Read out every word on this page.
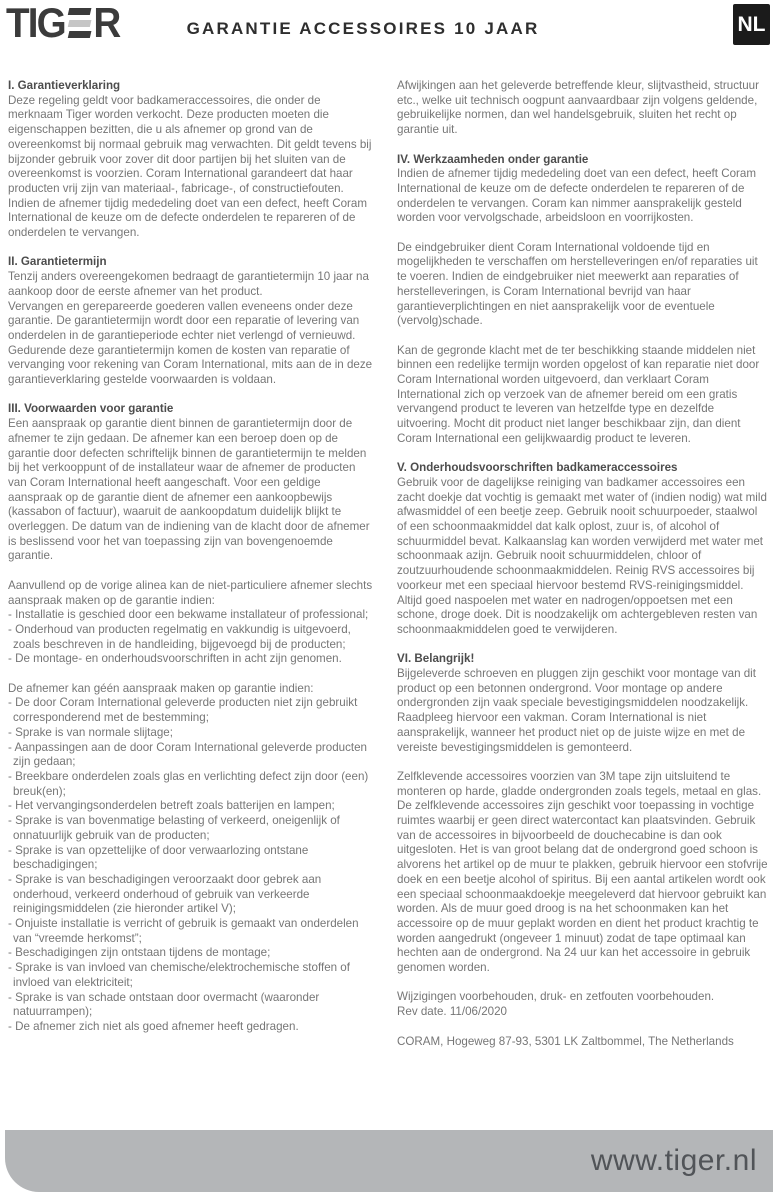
TIG R	GARANTIE ACCESSOIRES 10 JAAR	NL
I. Garantieverklaring
Deze regeling geldt voor badkameraccessoires, die onder de merknaam Tiger worden verkocht. Deze producten moeten die eigenschappen bezitten, die u als afnemer op grond van de overeenkomst bij normaal gebruik mag verwachten. Dit geldt tevens bij bijzonder gebruik voor zover dit door partijen bij het sluiten van de overeenkomst is voorzien. Coram International garandeert dat haar producten vrij zijn van materiaal-, fabricage-, of constructiefouten. Indien de afnemer tijdig mededeling doet van een defect, heeft Coram International de keuze om de defecte onderdelen te repareren of de onderdelen te vervangen.
II. Garantietermijn
Tenzij anders overeengekomen bedraagt de garantietermijn 10 jaar na aankoop door de eerste afnemer van het product.
Vervangen en gerepareerde goederen vallen eveneens onder deze garantie. De garantietermijn wordt door een reparatie of levering van onderdelen in de garantieperiode echter niet verlengd of vernieuwd.
Gedurende deze garantietermijn komen de kosten van reparatie of vervanging voor rekening van Coram International, mits aan de in deze garantieverklaring gestelde voorwaarden is voldaan.
III. Voorwaarden voor garantie
Een aanspraak op garantie dient binnen de garantietermijn door de afnemer te zijn gedaan. De afnemer kan een beroep doen op de garantie door defecten schriftelijk binnen de garantietermijn te melden bij het verkooppunt of de installateur waar de afnemer de producten van Coram International heeft aangeschaft. Voor een geldige aanspraak op de garantie dient de afnemer een aankoopbewijs (kassabon of factuur), waaruit de aankoopdatum duidelijk blijkt te overleggen. De datum van de indiening van de klacht door de afnemer is beslissend voor het van toepassing zijn van bovengenoemde garantie.
Aanvullend op de vorige alinea kan de niet-particuliere afnemer slechts aanspraak maken op de garantie indien:
- Installatie is geschied door een bekwame installateur of professional;
- Onderhoud van producten regelmatig en vakkundig is uitgevoerd, zoals beschreven in de handleiding, bijgevoegd bij de producten;
- De montage- en onderhoudsvoorschriften in acht zijn genomen.
De afnemer kan géén aanspraak maken op garantie indien:
- De door Coram International geleverde producten niet zijn gebruikt corresponderend met de bestemming;
- Sprake is van normale slijtage;
- Aanpassingen aan de door Coram International geleverde producten zijn gedaan;
- Breekbare onderdelen zoals glas en verlichting defect zijn door (een) breuk(en);
- Het vervangingsonderdelen betreft zoals batterijen en lampen;
- Sprake is van bovenmatige belasting of verkeerd, oneigenlijk of onnatuurlijk gebruik van de producten;
- Sprake is van opzettelijke of door verwaarlozing ontstane beschadigingen;
- Sprake is van beschadigingen veroorzaakt door gebrek aan onderhoud, verkeerd onderhoud of gebruik van verkeerde reinigingsmiddelen (zie hieronder artikel V);
- Onjuiste installatie is verricht of gebruik is gemaakt van onderdelen van “vreemde herkomst”;
- Beschadigingen zijn ontstaan tijdens de montage;
- Sprake is van invloed van chemische/elektrochemische stoffen of invloed van elektriciteit;
- Sprake is van schade ontstaan door overmacht (waaronder natuurrampen);
- De afnemer zich niet als goed afnemer heeft gedragen.
Afwijkingen aan het geleverde betreffende kleur, slijtvastheid, structuur etc., welke uit technisch oogpunt aanvaardbaar zijn volgens geldende, gebruikelijke normen, dan wel handelsgebruik, sluiten het recht op garantie uit.
IV. Werkzaamheden onder garantie
Indien de afnemer tijdig mededeling doet van een defect, heeft Coram International de keuze om de defecte onderdelen te repareren of de onderdelen te vervangen. Coram kan nimmer aansprakelijk gesteld worden voor vervolgschade, arbeidsloon en voorrijkosten.
De eindgebruiker dient Coram International voldoende tijd en mogelijkheden te verschaffen om herstelleveringen en/of reparaties uit te voeren. Indien de eindgebruiker niet meewerkt aan reparaties of herstelleveringen, is Coram International bevrijd van haar garantieverplichtingen en niet aansprakelijk voor de eventuele (vervolg)schade.
Kan de gegronde klacht met de ter beschikking staande middelen niet binnen een redelijke termijn worden opgelost of kan reparatie niet door Coram International worden uitgevoerd, dan verklaart Coram International zich op verzoek van de afnemer bereid om een gratis vervangend product te leveren van hetzelfde type en dezelfde uitvoering. Mocht dit product niet langer beschikbaar zijn, dan dient Coram International een gelijkwaardig product te leveren.
V. Onderhoudsvoorschriften badkameraccessoires
Gebruik voor de dagelijkse reiniging van badkamer accessoires een zacht doekje dat vochtig is gemaakt met water of (indien nodig) wat mild afwasmiddel of een beetje zeep. Gebruik nooit schuurpoeder, staalwol of een schoonmaakmiddel dat kalk oplost, zuur is, of alcohol of schuurmiddel bevat. Kalkaanslag kan worden verwijderd met water met schoonmaak azijn. Gebruik nooit schuurmiddelen, chloor of zoutzuurhoudende schoonmaakmiddelen. Reinig RVS accessoires bij voorkeur met een speciaal hiervoor bestemd RVS-reinigingsmiddel. Altijd goed naspoelen met water en nadrogen/oppoetsen met een schone, droge doek. Dit is noodzakelijk om achtergebleven resten van schoonmaakmiddelen goed te verwijderen.
VI. Belangrijk!
Bijgeleverde schroeven en pluggen zijn geschikt voor montage van dit product op een betonnen ondergrond. Voor montage op andere ondergronden zijn vaak speciale bevestigingsmiddelen noodzakelijk. Raadpleeg hiervoor een vakman. Coram International is niet aansprakelijk, wanneer het product niet op de juiste wijze en met de vereiste bevestigingsmiddelen is gemonteerd.
Zelfklevende accessoires voorzien van 3M tape zijn uitsluitend te monteren op harde, gladde ondergronden zoals tegels, metaal en glas. De zelfklevende accessoires zijn geschikt voor toepassing in vochtige ruimtes waarbij er geen direct watercontact kan plaatsvinden. Gebruik van de accessoires in bijvoorbeeld de douchecabine is dan ook uitgesloten. Het is van groot belang dat de ondergrond goed schoon is alvorens het artikel op de muur te plakken, gebruik hiervoor een stofvrije doek en een beetje alcohol of spiritus. Bij een aantal artikelen wordt ook een speciaal schoonmaakdoekje meegeleverd dat hiervoor gebruikt kan worden. Als de muur goed droog is na het schoonmaken kan het accessoire op de muur geplakt worden en dient het product krachtig te worden aangedrukt (ongeveer 1 minuut) zodat de tape optimaal kan hechten aan de ondergrond. Na 24 uur kan het accessoire in gebruik genomen worden.
Wijzigingen voorbehouden, druk- en zetfouten voorbehouden.
Rev date. 11/06/2020
CORAM, Hogeweg 87-93, 5301 LK Zaltbommel, The Netherlands
www.tiger.nl
